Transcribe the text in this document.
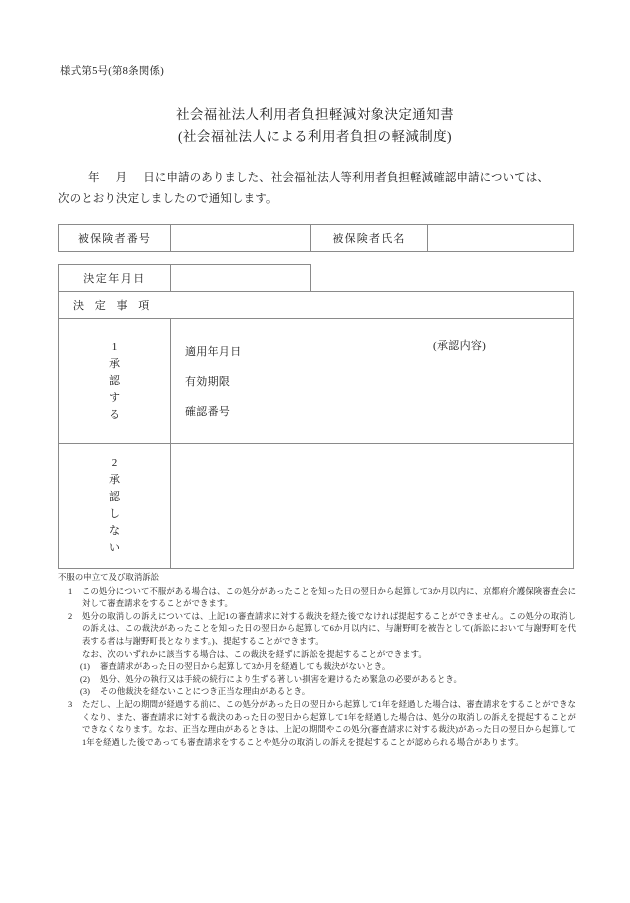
様式第5号(第8条関係)
社会福祉法人利用者負担軽減対象決定通知書
(社会福祉法人による利用者負担の軽減制度)
年 月 日に申請のありました、社会福祉法人等利用者負担軽減確認申請については、
次のとおり決定しましたので通知します。
被保険者番号		被保険者氏名	
決定年月日		
決 定 事 項		

1
承
認
す
る

適用年月日
有効期限
確認番号
(承認内容)

2
承
認
し
な
い

不服の申立て及び取消訴訟
1	この処分について不服がある場合は、この処分があったことを知った日の翌日から起算して3か月以内に、京都府介護保険審査会に対して審査請求をすることができます。
2	処分の取消しの訴えについては、上記1の審査請求に対する裁決を経た後でなければ提起することができません。この処分の取消しの訴えは、この裁決があったことを知った日の翌日から起算して6か月以内に、与謝野町を被告として(訴訟において与謝野町を代表する者は与謝野町長となります。)、提起することができます。
なお、次のいずれかに該当する場合は、この裁決を経ずに訴訟を提起することができます。
(1)	審査請求があった日の翌日から起算して3か月を経過しても裁決がないとき。
(2)	処分、処分の執行又は手続の続行により生ずる著しい損害を避けるため緊急の必要があるとき。
(3)	その他裁決を経ないことにつき正当な理由があるとき。
3	ただし、上記の期間が経過する前に、この処分があった日の翌日から起算して1年を経過した場合は、審査請求をすることができなくなり、また、審査請求に対する裁決のあった日の翌日から起算して1年を経過した場合は、処分の取消しの訴えを提起することができなくなります。なお、正当な理由があるときは、上記の期間やこの処分(審査請求に対する裁決)があった日の翌日から起算して1年を経過した後であっても審査請求をすることや処分の取消しの訴えを提起することが認められる場合があります。
